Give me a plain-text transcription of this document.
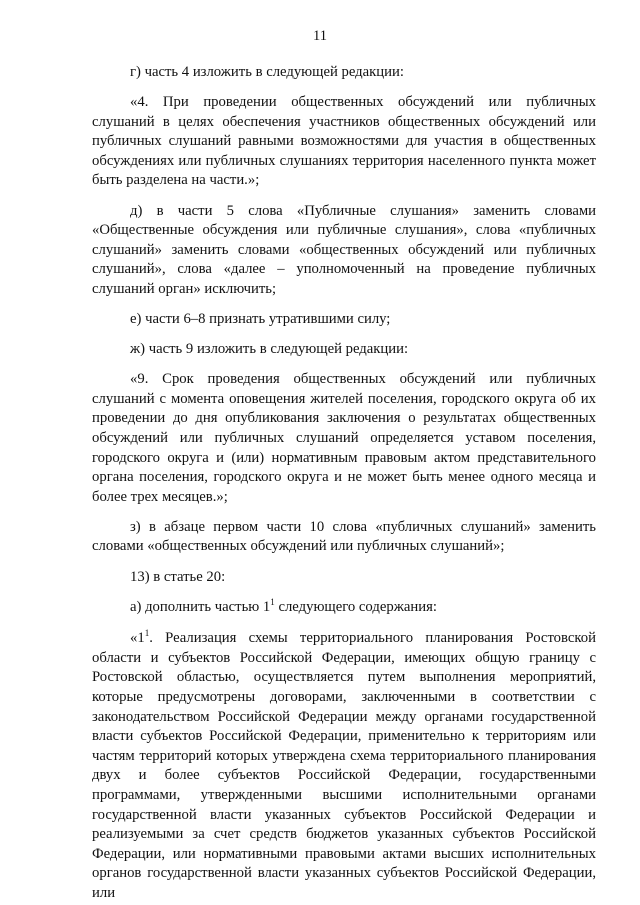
11

г) часть 4 изложить в следующей редакции:

«4. При проведении общественных обсуждений или публичных слушаний в целях обеспечения участников общественных обсуждений или публичных слушаний равными возможностями для участия в общественных обсуждениях или публичных слушаниях территория населенного пункта может быть разделена на части.»;

д) в части 5 слова «Публичные слушания» заменить словами «Общественные обсуждения или публичные слушания», слова «публичных слушаний» заменить словами «общественных обсуждений или публичных слушаний», слова «далее – уполномоченный на проведение публичных слушаний орган» исключить;

е) части 6–8 признать утратившими силу;

ж) часть 9 изложить в следующей редакции:

«9. Срок проведения общественных обсуждений или публичных слушаний с момента оповещения жителей поселения, городского округа об их проведении до дня опубликования заключения о результатах общественных обсуждений или публичных слушаний определяется уставом поселения, городского округа и (или) нормативным правовым актом представительного органа поселения, городского округа и не может быть менее одного месяца и более трех месяцев.»;

з) в абзаце первом части 10 слова «публичных слушаний» заменить словами «общественных обсуждений или публичных слушаний»;

13) в статье 20:

а) дополнить частью $1^1$ следующего содержания:

«$1^1$. Реализация схемы территориального планирования Ростовской области и субъектов Российской Федерации, имеющих общую границу с Ростовской областью, осуществляется путем выполнения мероприятий, которые предусмотрены договорами, заключенными в соответствии с законодательством Российской Федерации между органами государственной власти субъектов Российской Федерации, применительно к территориям или частям территорий которых утверждена схема территориального планирования двух и более субъектов Российской Федерации, государственными программами, утвержденными высшими исполнительными органами государственной власти указанных субъектов Российской Федерации и реализуемыми за счет средств бюджетов указанных субъектов Российской Федерации, или нормативными правовыми актами высших исполнительных органов государственной власти указанных субъектов Российской Федерации, или
